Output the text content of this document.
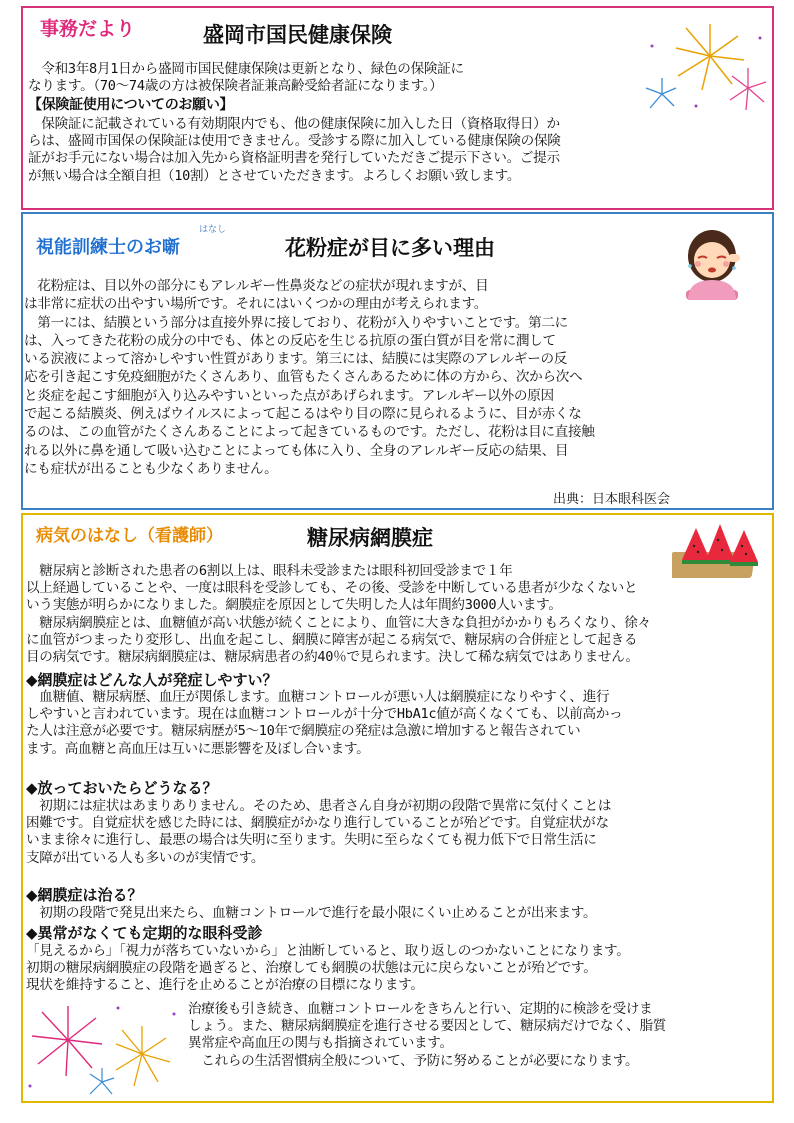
事務だより	盛岡市国民健康保険
　令和3年8月1日から盛岡市国民健康保険は更新となり、緑色の保険証に
なります。（70～74歳の方は被保険者証兼高齢受給者証になります。）
【保険証使用についてのお願い】
　保険証に記載されている有効期限内でも、他の健康保険に加入した日（資格取得日）か
らは、盛岡市国保の保険証は使用できません。受診する際に加入している健康保険の保険
証がお手元にない場合は加入先から資格証明書を発行していただきご提示下さい。ご提示
が無い場合は全額自担（10割）とさせていただきます。よろしくお願い致します。
はなし
視能訓練士のお噺	花粉症が目に多い理由
　花粉症は、目以外の部分にもアレルギー性鼻炎などの症状が現れますが、目
は非常に症状の出やすい場所です。それにはいくつかの理由が考えられます。
　第一には、結膜という部分は直接外界に接しており、花粉が入りやすいことです。第二に
は、入ってきた花粉の成分の中でも、体との反応を生じる抗原の蛋白質が目を常に潤して
いる涙液によって溶かしやすい性質があります。第三には、結膜には実際のアレルギーの反
応を引き起こす免疫細胞がたくさんあり、血管もたくさんあるために体の方から、次から次へ
と炎症を起こす細胞が入り込みやすいといった点があげられます。アレルギー以外の原因
で起こる結膜炎、例えばウイルスによって起こるはやり目の際に見られるように、目が赤くな
るのは、この血管がたくさんあることによって起きているものです。ただし、花粉は目に直接触
れる以外に鼻を通して吸い込むことによっても体に入り、全身のアレルギー反応の結果、目
にも症状が出ることも少なくありません。
出典：日本眼科医会
病気のはなし（看護師）	糖尿病網膜症
　糖尿病と診断された患者の6割以上は、眼科未受診または眼科初回受診まで１年
以上経過していることや、一度は眼科を受診しても、その後、受診を中断している患者が少なくないと
いう実態が明らかになりました。網膜症を原因として失明した人は年間約3000人います。
　糖尿病網膜症とは、血糖値が高い状態が続くことにより、血管に大きな負担がかかりもろくなり、徐々
に血管がつまったり変形し、出血を起こし、網膜に障害が起こる病気で、糖尿病の合併症として起きる
目の病気です。糖尿病網膜症は、糖尿病患者の約40％で見られます。決して稀な病気ではありません。
◆網膜症はどんな人が発症しやすい？
　血糖値、糖尿病歴、血圧が関係します。血糖コントロールが悪い人は網膜症になりやすく、進行
しやすいと言われています。現在は血糖コントロールが十分でHbA1c値が高くなくても、以前高かっ
た人は注意が必要です。糖尿病歴が5～10年で網膜症の発症は急激に増加すると報告されてい
ます。高血糖と高血圧は互いに悪影響を及ぼし合います。
◆放っておいたらどうなる？
　初期には症状はあまりありません。そのため、患者さん自身が初期の段階で異常に気付くことは
困難です。自覚症状を感じた時には、網膜症がかなり進行していることが殆どです。自覚症状がな
いまま徐々に進行し、最悪の場合は失明に至ります。失明に至らなくても視力低下で日常生活に
支障が出ている人も多いのが実情です。
◆網膜症は治る？
　初期の段階で発見出来たら、血糖コントロールで進行を最小限にくい止めることが出来ます。
◆異常がなくても定期的な眼科受診
「見えるから」「視力が落ちていないから」と油断していると、取り返しのつかないことになります。
初期の糖尿病網膜症の段階を過ぎると、治療しても網膜の状態は元に戻らないことが殆どです。
現状を維持すること、進行を止めることが治療の目標になります。
治療後も引き続き、血糖コントロールをきちんと行い、定期的に検診を受けま
しょう。また、糖尿病網膜症を進行させる要因として、糖尿病だけでなく、脂質
異常症や高血圧の関与も指摘されています。
　これらの生活習慣病全般について、予防に努めることが必要になります。
